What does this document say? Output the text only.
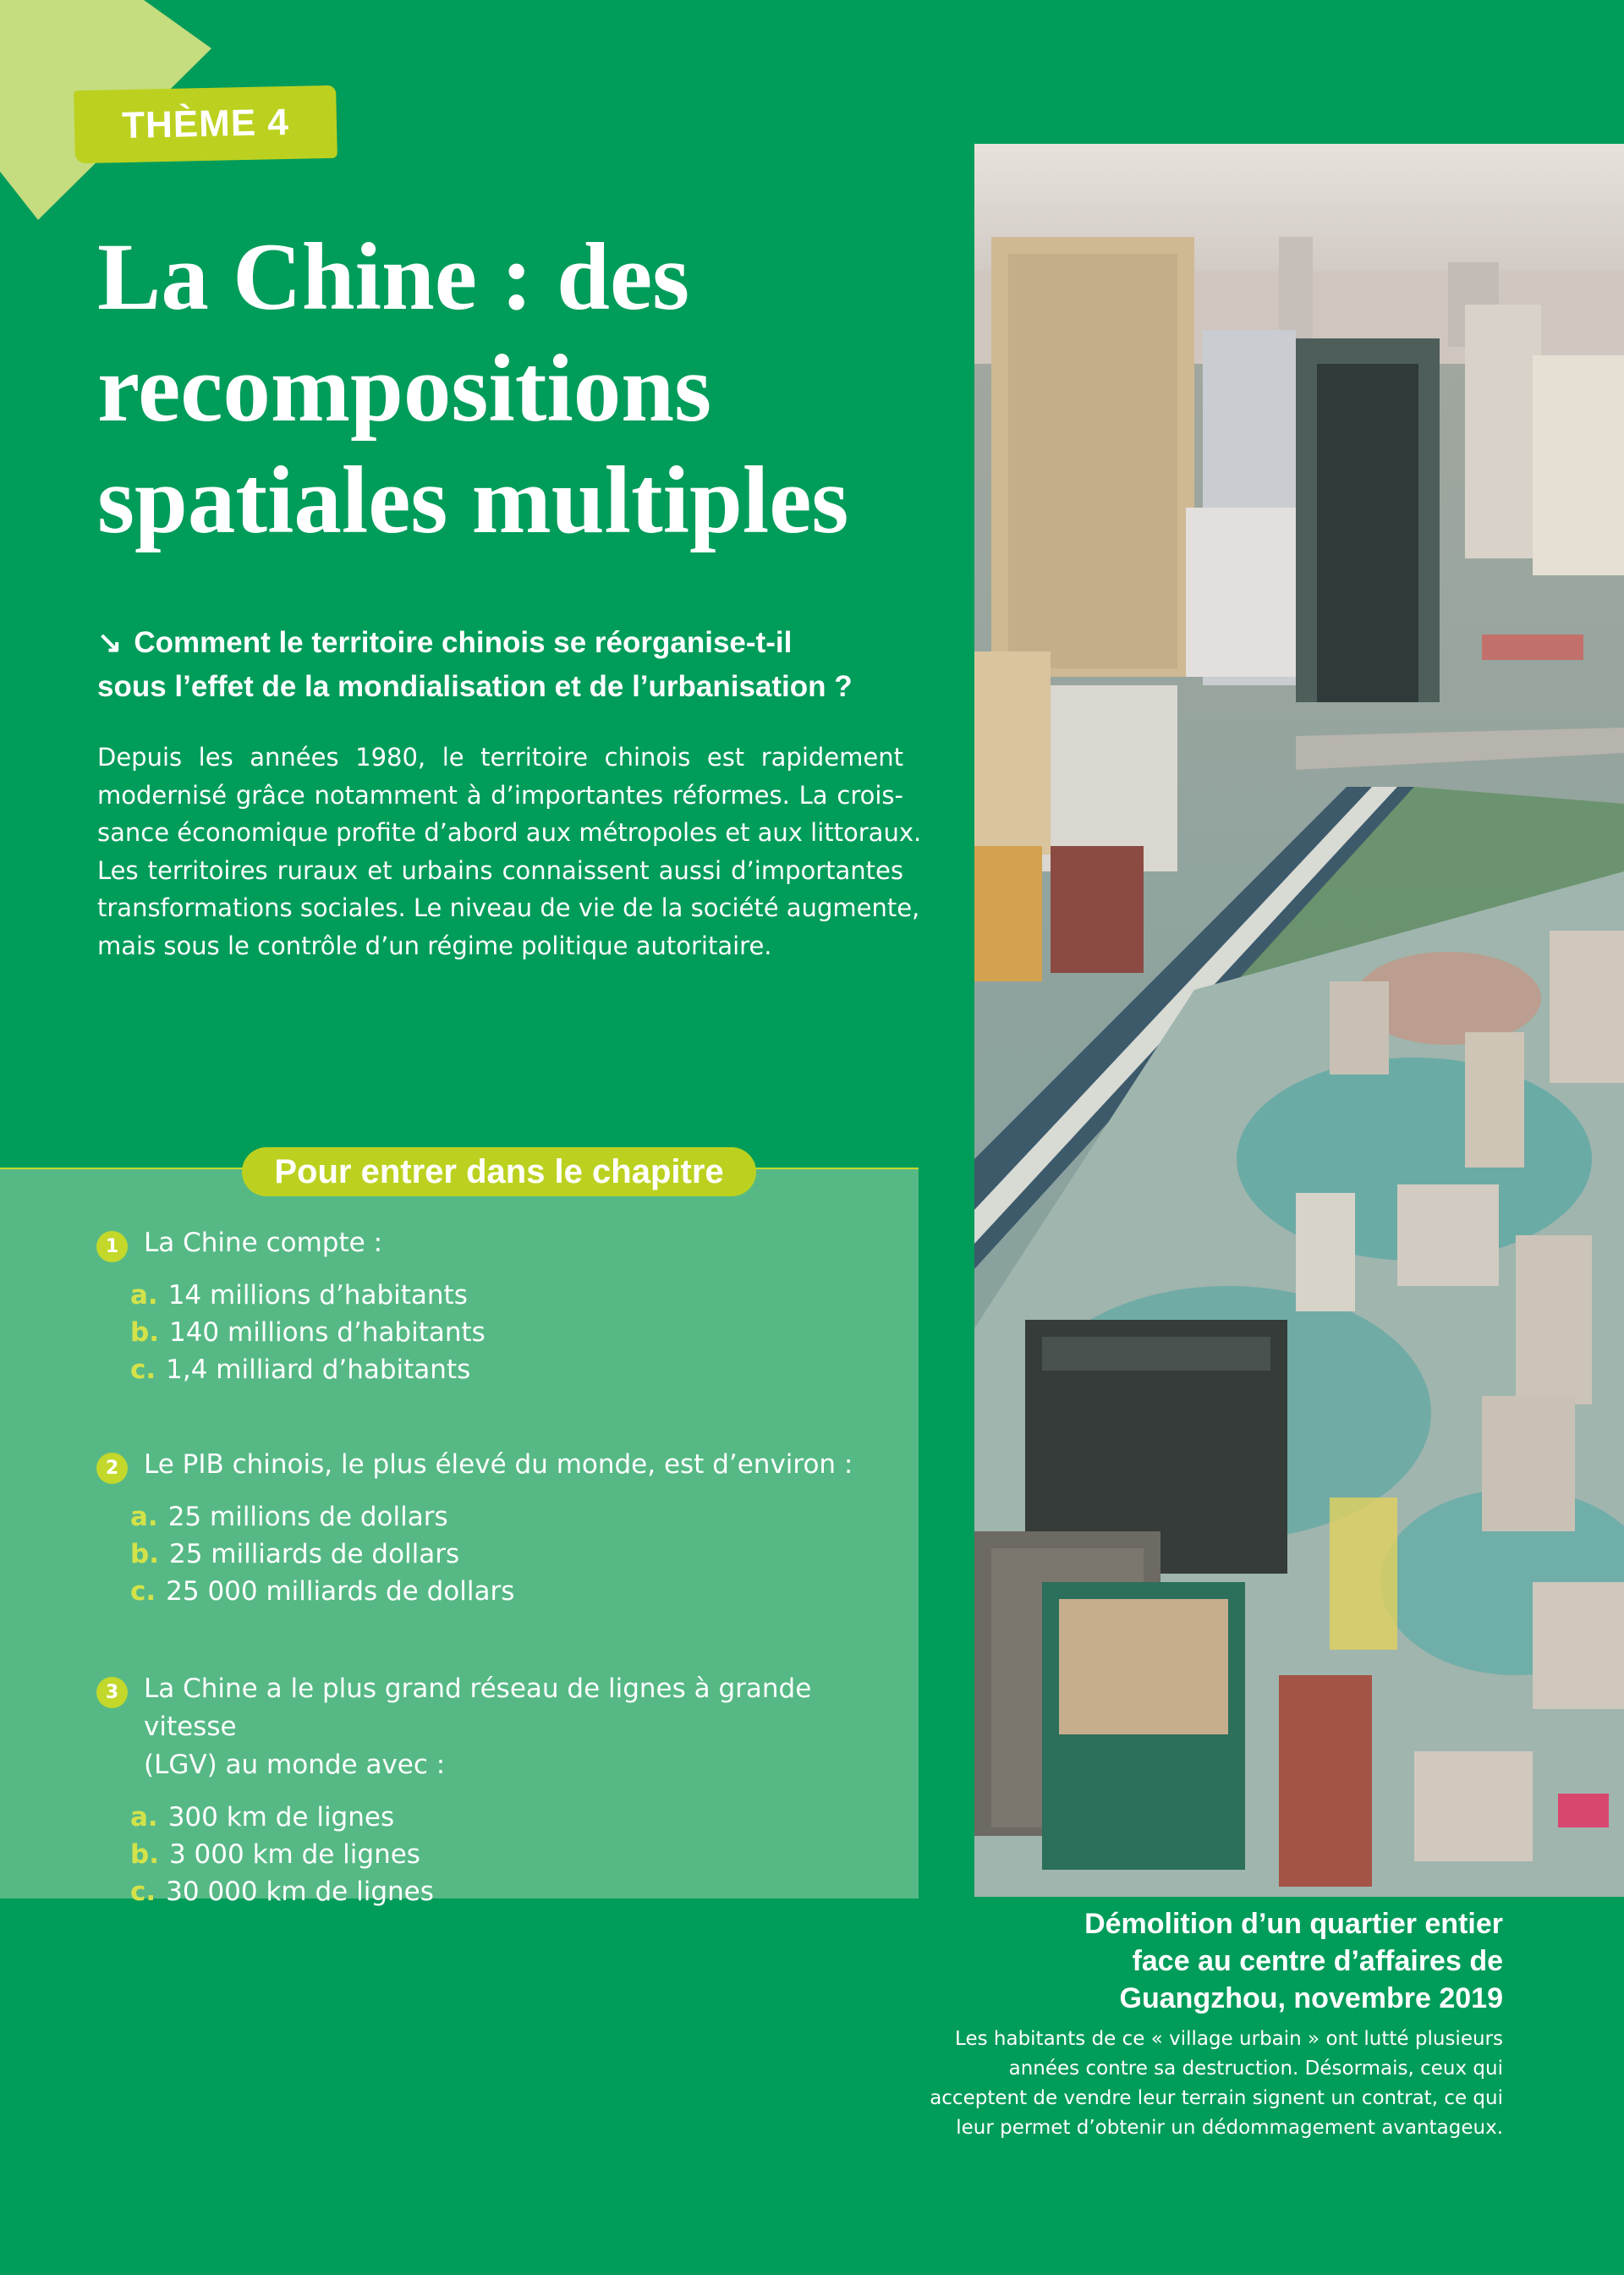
THÈME 4
La Chine : des
recompositions
spatiales multiples
↘ Comment le territoire chinois se réorganise-t-il
sous l’effet de la mondialisation et de l’urbanisation ?
Depuis les années 1980, le territoire chinois est rapidement
modernisé grâce notamment à d’importantes réformes. La crois-
sance économique profite d’abord aux métropoles et aux littoraux.
Les territoires ruraux et urbains connaissent aussi d’importantes
transformations sociales. Le niveau de vie de la société augmente,
mais sous le contrôle d’un régime politique autoritaire.
Pour entrer dans le chapitre
1 La Chine compte :
a. 14 millions d’habitants
b. 140 millions d’habitants
c. 1,4 milliard d’habitants
2 Le PIB chinois, le plus élevé du monde, est d’environ :
a. 25 millions de dollars
b. 25 milliards de dollars
c. 25 000 milliards de dollars
3 La Chine a le plus grand réseau de lignes à grande vitesse
(LGV) au monde avec :
a. 300 km de lignes
b. 3 000 km de lignes
c. 30 000 km de lignes
Démolition d’un quartier entier
face au centre d’affaires de
Guangzhou, novembre 2019
Les habitants de ce « village urbain » ont lutté plusieurs
années contre sa destruction. Désormais, ceux qui
acceptent de vendre leur terrain signent un contrat, ce qui
leur permet d’obtenir un dédommagement avantageux.
